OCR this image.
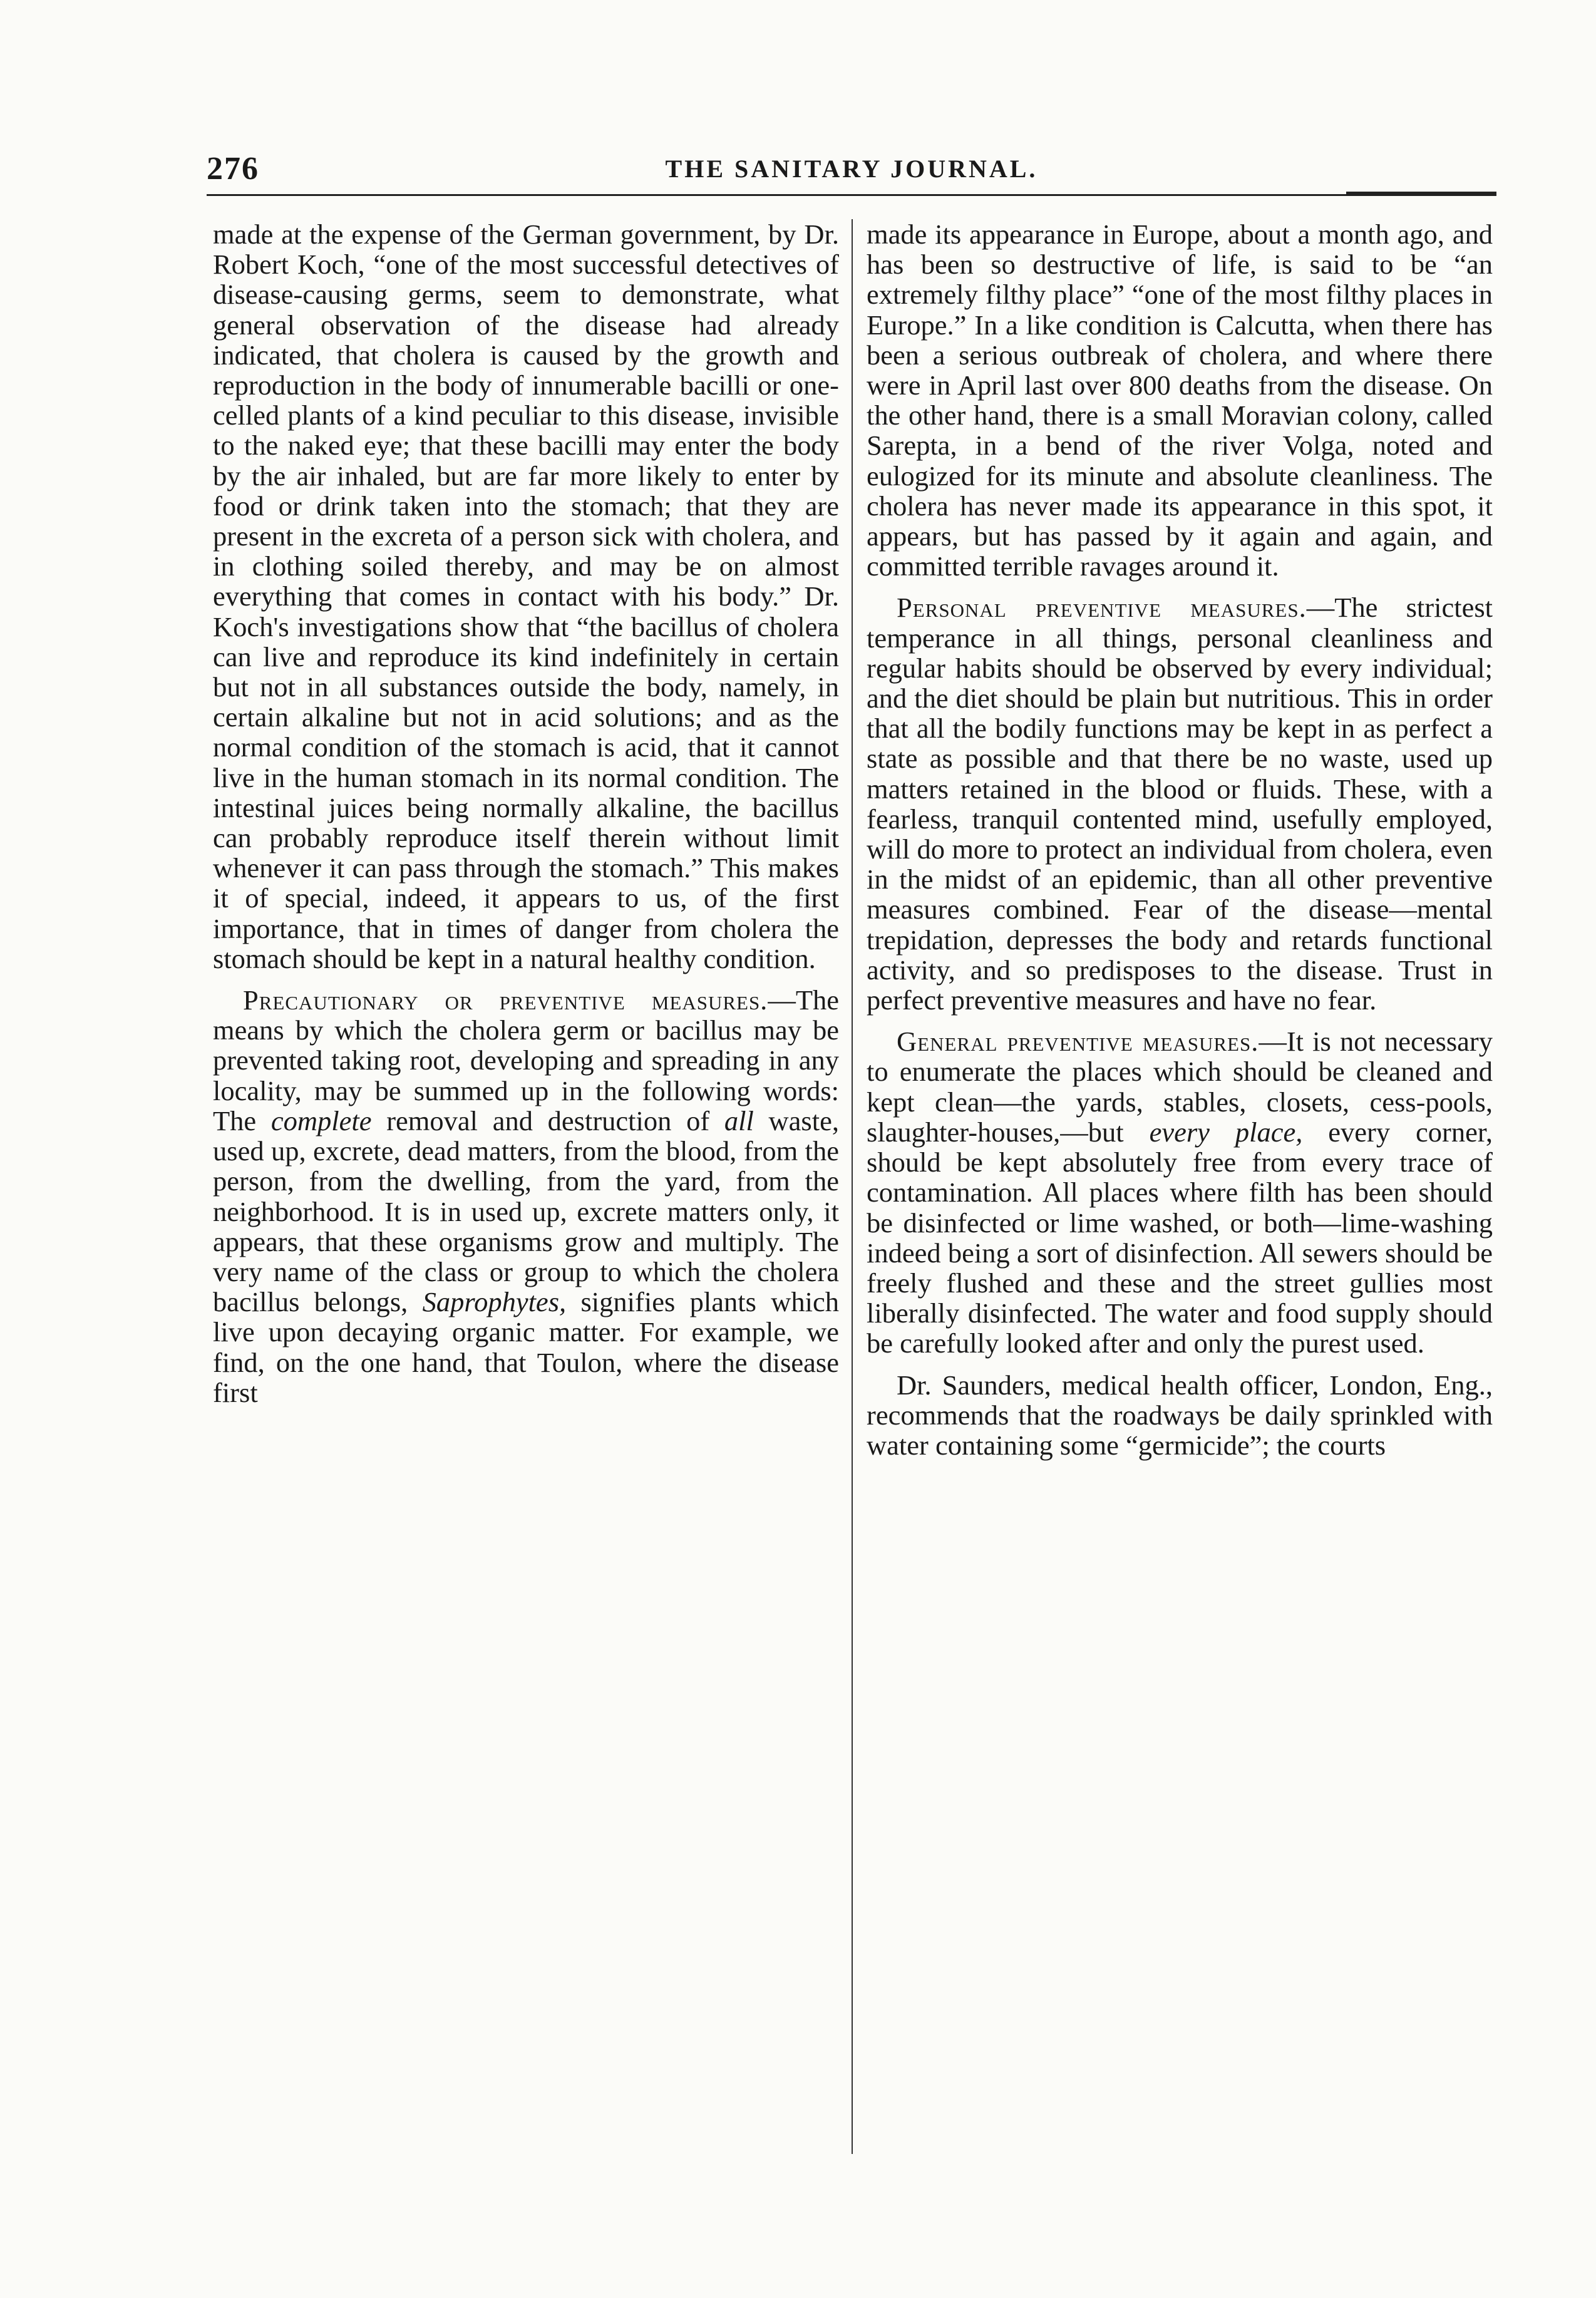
276	THE SANITARY JOURNAL.

made at the expense of the German government, by Dr. Robert Koch, “one of the most successful detectives of disease-causing germs, seem to demonstrate, what general observation of the disease had already indicated, that cholera is caused by the growth and reproduction in the body of innumerable bacilli or one-celled plants of a kind peculiar to this disease, invisible to the naked eye; that these bacilli may enter the body by the air inhaled, but are far more likely to enter by food or drink taken into the stomach; that they are present in the excreta of a person sick with cholera, and in clothing soiled thereby, and may be on almost everything that comes in contact with his body.” Dr. Koch's investigations show that “the bacillus of cholera can live and reproduce its kind indefinitely in certain but not in all substances outside the body, namely, in certain alkaline but not in acid solutions; and as the normal condition of the stomach is acid, that it cannot live in the human stomach in its normal condition. The intestinal juices being normally alkaline, the bacillus can probably reproduce itself therein without limit whenever it can pass through the stomach.” This makes it of special, indeed, it appears to us, of the first importance, that in times of danger from cholera the stomach should be kept in a natural healthy condition.

Precautionary or preventive measures.—The means by which the cholera germ or bacillus may be prevented taking root, developing and spreading in any locality, may be summed up in the following words: The complete removal and destruction of all waste, used up, excrete, dead matters, from the blood, from the person, from the dwelling, from the yard, from the neighborhood. It is in used up, excrete matters only, it appears, that these organisms grow and multiply. The very name of the class or group to which the cholera bacillus belongs, Saprophytes, signifies plants which live upon decaying organic matter. For example, we find, on the one hand, that Toulon, where the disease first

made its appearance in Europe, about a month ago, and has been so destructive of life, is said to be “an extremely filthy place” “one of the most filthy places in Europe.” In a like condition is Calcutta, when there has been a serious outbreak of cholera, and where there were in April last over 800 deaths from the disease. On the other hand, there is a small Moravian colony, called Sarepta, in a bend of the river Volga, noted and eulogized for its minute and absolute cleanliness. The cholera has never made its appearance in this spot, it appears, but has passed by it again and again, and committed terrible ravages around it.

Personal preventive measures.—The strictest temperance in all things, personal cleanliness and regular habits should be observed by every individual; and the diet should be plain but nutritious. This in order that all the bodily functions may be kept in as perfect a state as possible and that there be no waste, used up matters retained in the blood or fluids. These, with a fearless, tranquil contented mind, usefully employed, will do more to protect an individual from cholera, even in the midst of an epidemic, than all other preventive measures combined. Fear of the disease—mental trepidation, depresses the body and retards functional activity, and so predisposes to the disease. Trust in perfect preventive measures and have no fear.

General preventive measures.—It is not necessary to enumerate the places which should be cleaned and kept clean—the yards, stables, closets, cess-pools, slaughter-houses,—but every place, every corner, should be kept absolutely free from every trace of contamination. All places where filth has been should be disinfected or lime washed, or both—lime-washing indeed being a sort of disinfection. All sewers should be freely flushed and these and the street gullies most liberally disinfected. The water and food supply should be carefully looked after and only the purest used.

Dr. Saunders, medical health officer, London, Eng., recommends that the roadways be daily sprinkled with water containing some “germicide”; the courts
